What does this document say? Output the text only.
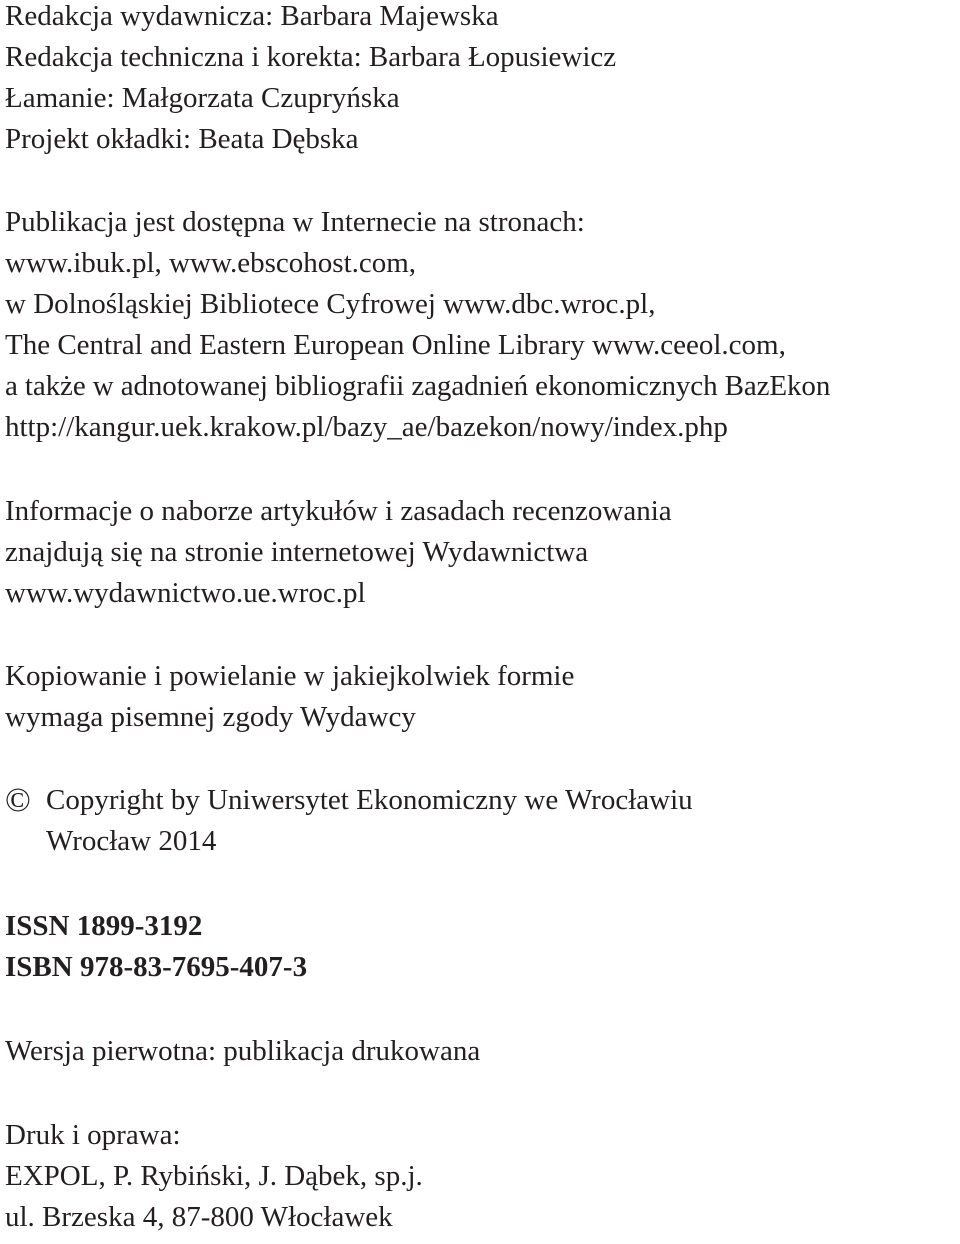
Redakcja wydawnicza: Barbara Majewska
Redakcja techniczna i korekta: Barbara Łopusiewicz
Łamanie: Małgorzata Czupryńska
Projekt okładki: Beata Dębska
Publikacja jest dostępna w Internecie na stronach:
www.ibuk.pl, www.ebscohost.com,
w Dolnośląskiej Bibliotece Cyfrowej www.dbc.wroc.pl,
The Central and Eastern European Online Library www.ceeol.com,
a także w adnotowanej bibliografii zagadnień ekonomicznych BazEkon
http://kangur.uek.krakow.pl/bazy_ae/bazekon/nowy/index.php
Informacje o naborze artykułów i zasadach recenzowania
znajdują się na stronie internetowej Wydawnictwa
www.wydawnictwo.ue.wroc.pl
Kopiowanie i powielanie w jakiejkolwiek formie
wymaga pisemnej zgody Wydawcy
© Copyright by Uniwersytet Ekonomiczny we Wrocławiu
Wrocław 2014
ISSN 1899-3192
ISBN 978-83-7695-407-3
Wersja pierwotna: publikacja drukowana
Druk i oprawa:
EXPOL, P. Rybiński, J. Dąbek, sp.j.
ul. Brzeska 4, 87-800 Włocławek
